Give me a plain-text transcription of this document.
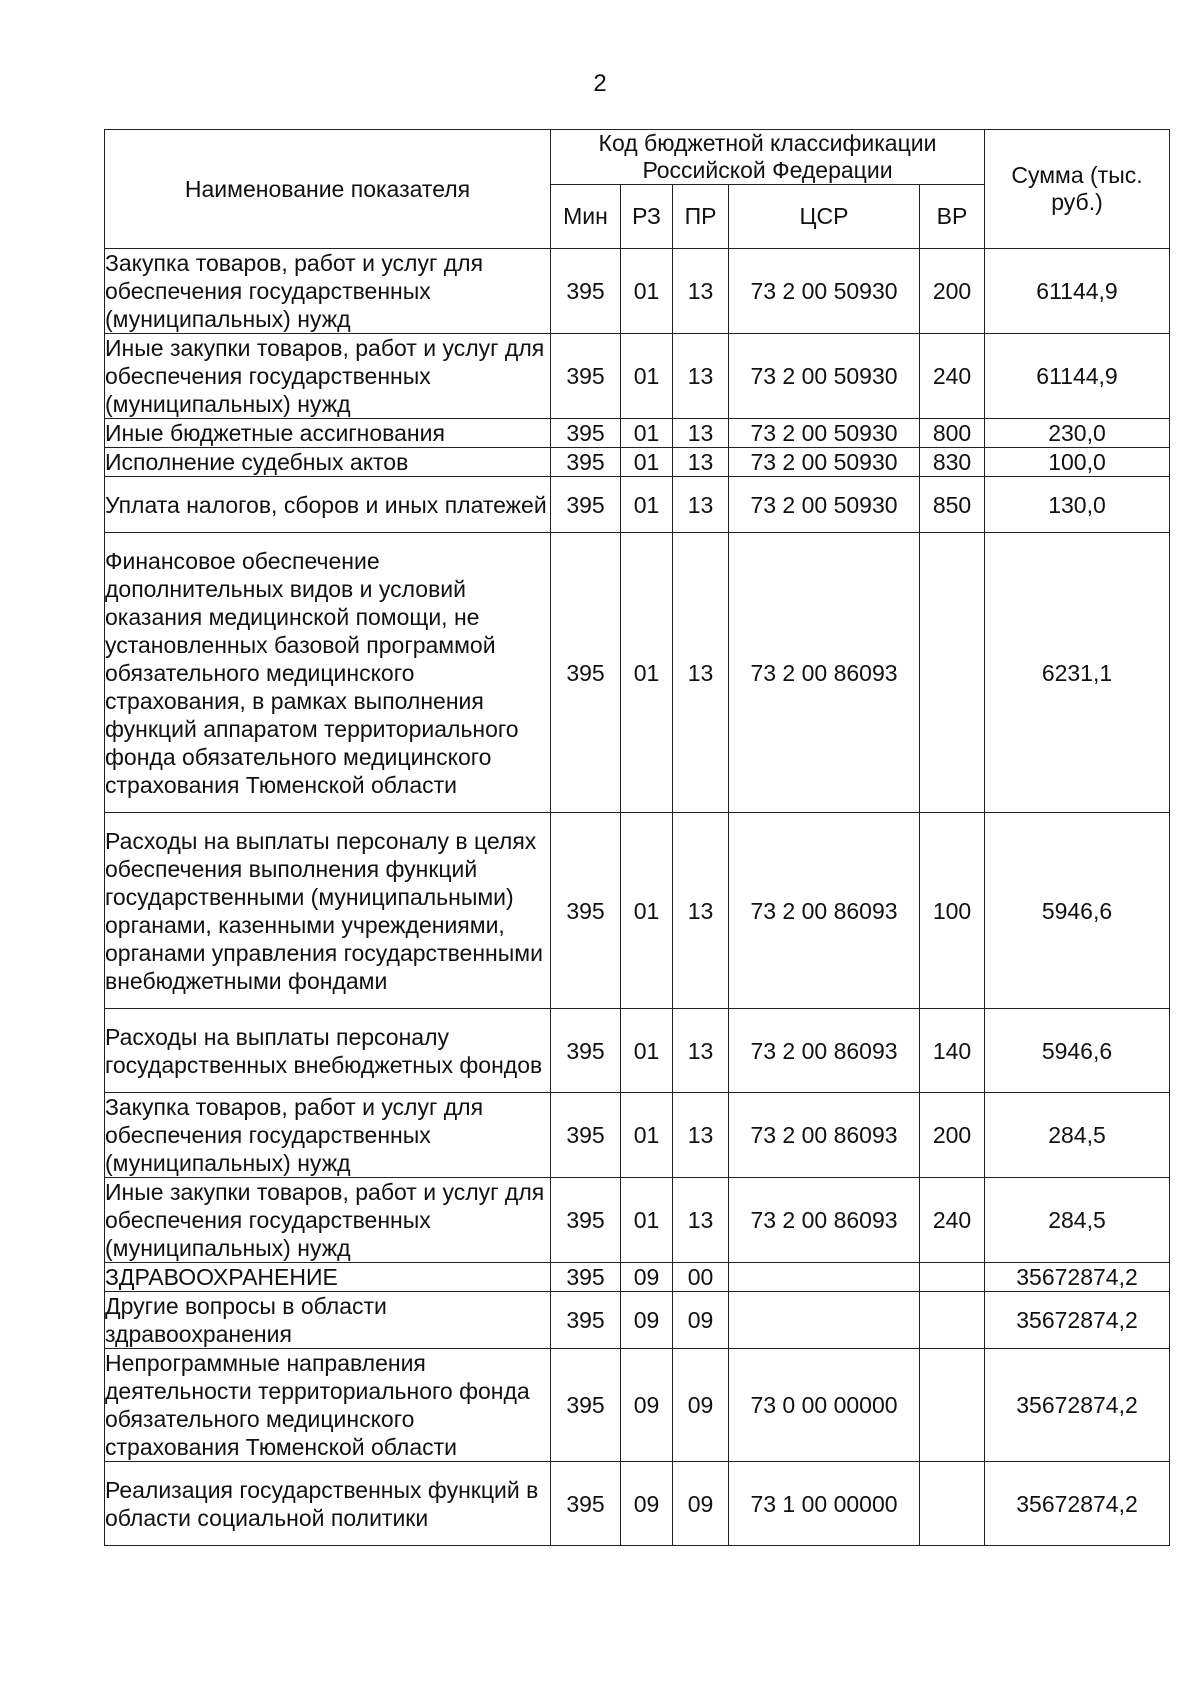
2
Наименование показателя	Код бюджетной классификации Российской Федерации					Сумма (тыс. руб.)
	Мин	РЗ	ПР	ЦСР	ВР	
Закупка товаров, работ и услуг для обеспечения государственных (муниципальных) нужд	395	01	13	73 2 00 50930	200	61144,9
Иные закупки товаров, работ и услуг для обеспечения государственных (муниципальных) нужд	395	01	13	73 2 00 50930	240	61144,9
Иные бюджетные ассигнования	395	01	13	73 2 00 50930	800	230,0
Исполнение судебных актов	395	01	13	73 2 00 50930	830	100,0
Уплата налогов, сборов и иных платежей	395	01	13	73 2 00 50930	850	130,0
Финансовое обеспечение дополнительных видов и условий оказания медицинской помощи, не установленных базовой программой обязательного медицинского страхования, в рамках выполнения функций аппаратом территориального фонда обязательного медицинского страхования Тюменской области	395	01	13	73 2 00 86093		6231,1
Расходы на выплаты персоналу в целях обеспечения выполнения функций государственными (муниципальными) органами, казенными учреждениями, органами управления государственными внебюджетными фондами	395	01	13	73 2 00 86093	100	5946,6
Расходы на выплаты персоналу государственных внебюджетных фондов	395	01	13	73 2 00 86093	140	5946,6
Закупка товаров, работ и услуг для обеспечения государственных (муниципальных) нужд	395	01	13	73 2 00 86093	200	284,5
Иные закупки товаров, работ и услуг для обеспечения государственных (муниципальных) нужд	395	01	13	73 2 00 86093	240	284,5
ЗДРАВООХРАНЕНИЕ	395	09	00			35672874,2
Другие вопросы в области здравоохранения	395	09	09			35672874,2
Непрограммные направления деятельности территориального фонда обязательного медицинского страхования Тюменской области	395	09	09	73 0 00 00000		35672874,2
Реализация государственных функций в области социальной политики	395	09	09	73 1 00 00000		35672874,2
